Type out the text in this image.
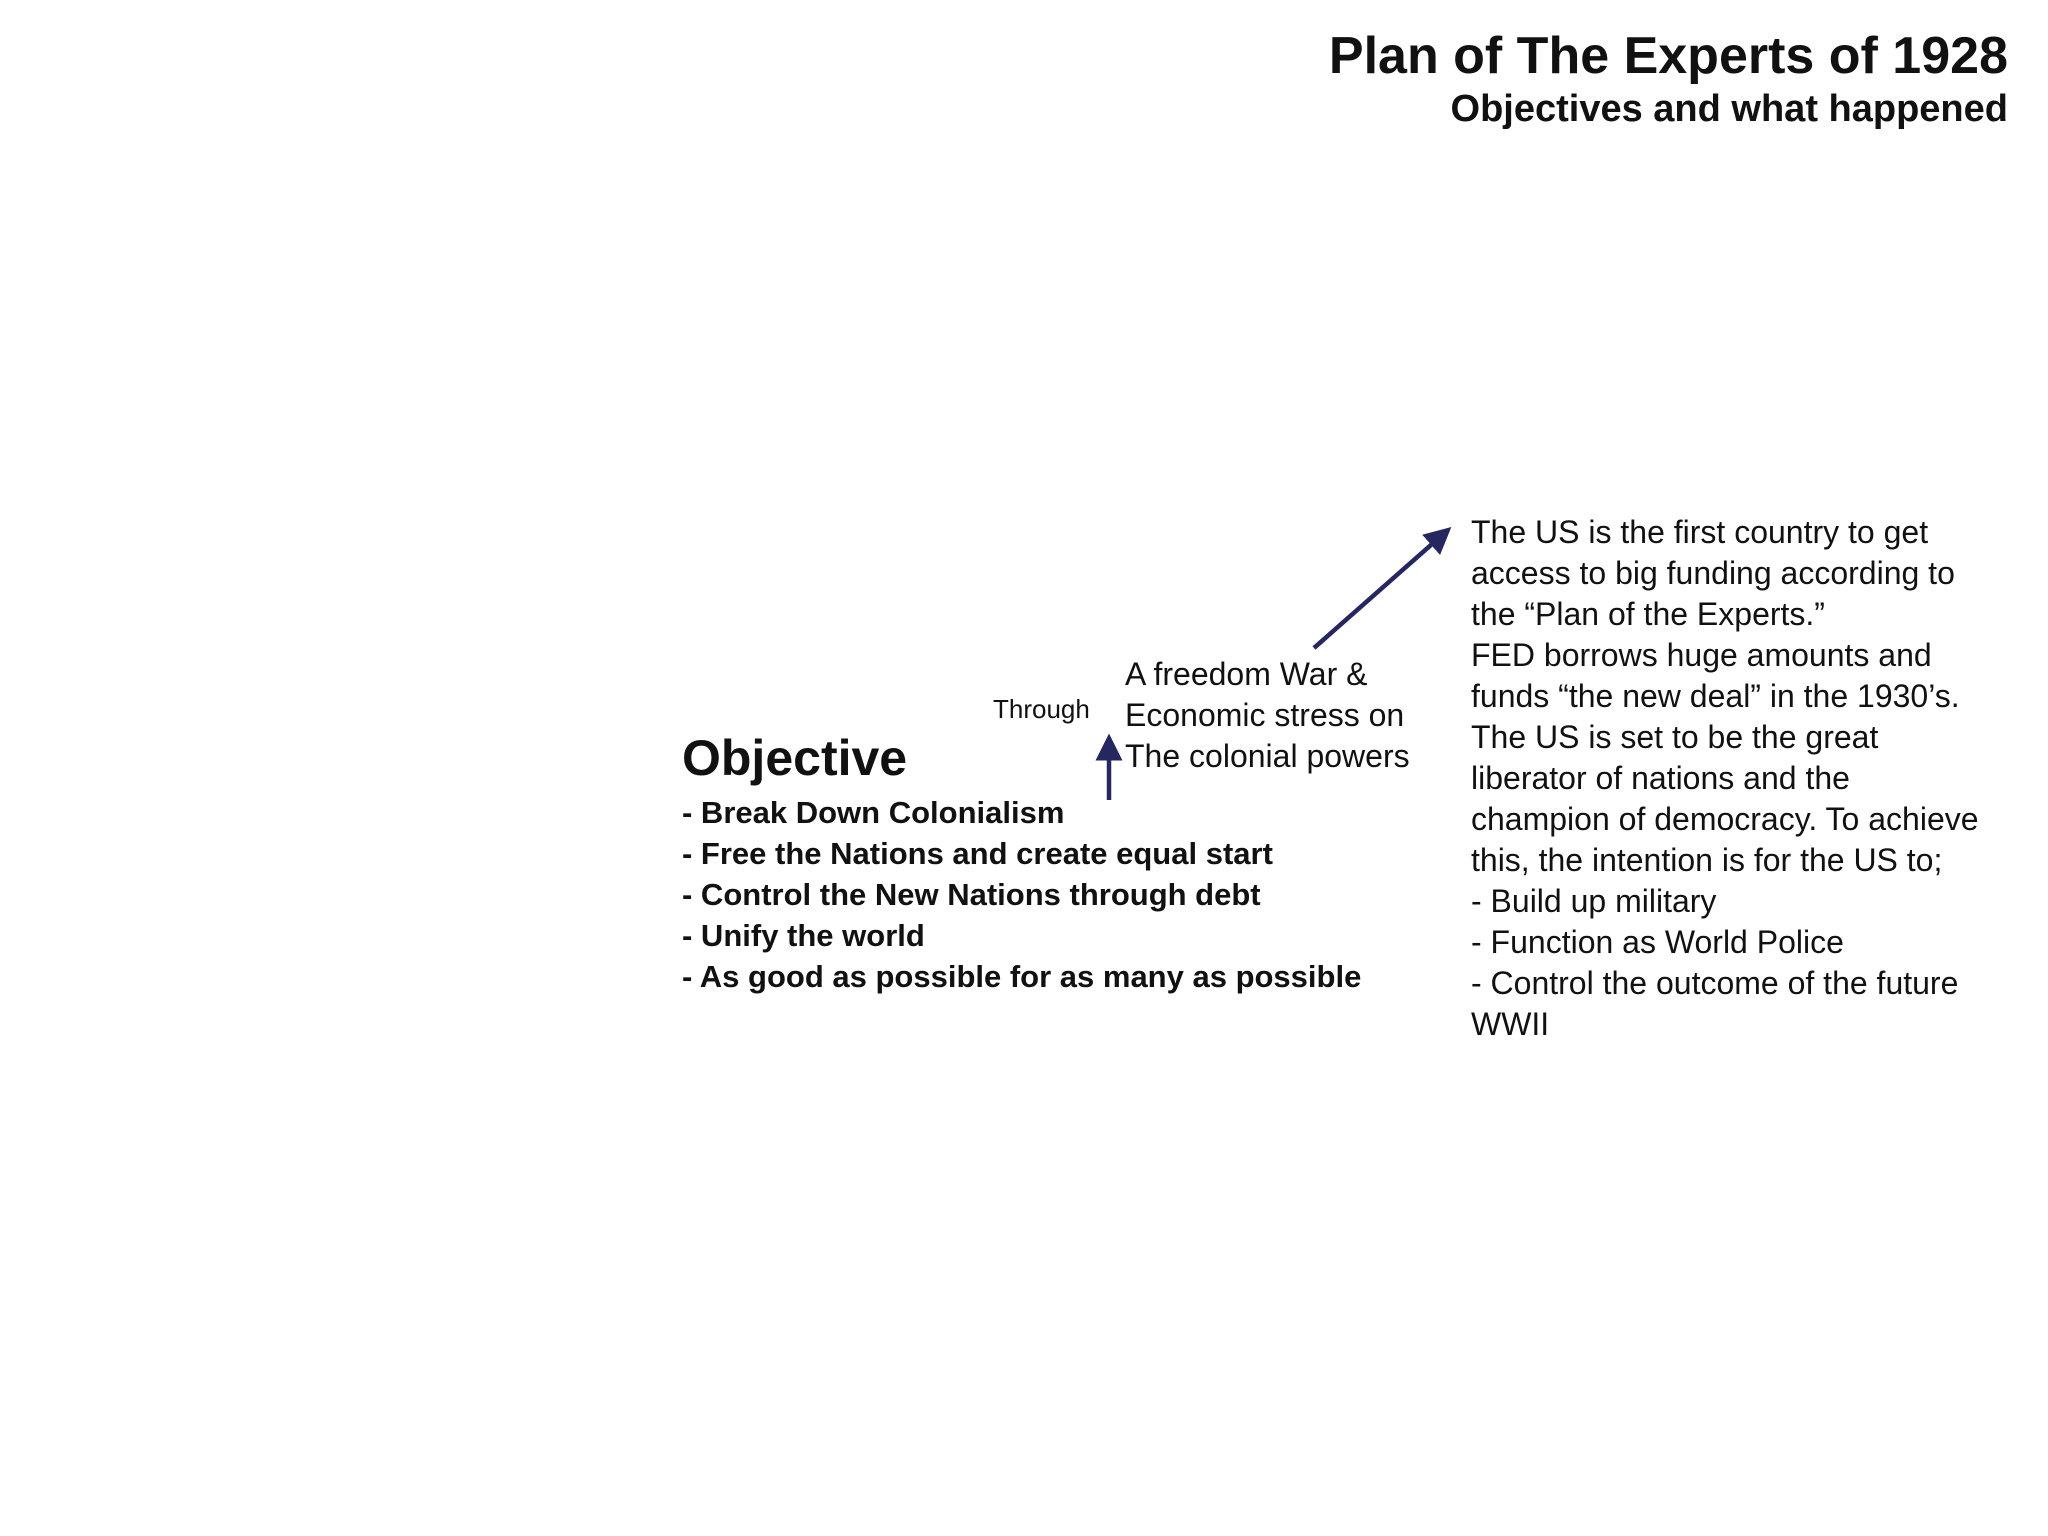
Plan of The Experts of 1928
Objectives and what happened
Through
A freedom War &
Economic stress on
The colonial powers
Objective
- Break Down Colonialism
- Free the Nations and create equal start
- Control the New Nations through debt
- Unify the world
- As good as possible for as many as possible
The US is the first country to get
access to big funding according to
the “Plan of the Experts.”
FED borrows huge amounts and
funds “the new deal” in the 1930’s.
The US is set to be the great
liberator of nations and the
champion of democracy. To achieve
this, the intention is for the US to;
- Build up military
- Function as World Police
- Control the outcome of the future
WWII
